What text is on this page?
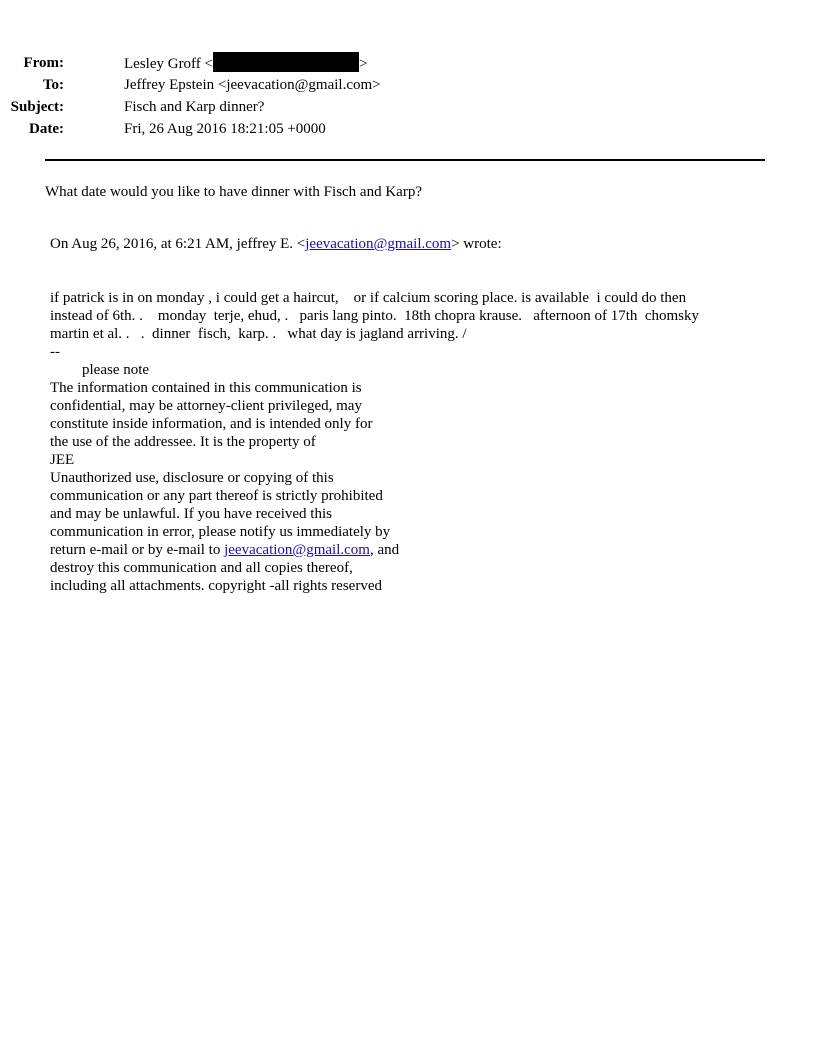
From:	Lesley Groff <	>
To:	Jeffrey Epstein <jeevacation@gmail.com>
Subject:	Fisch and Karp dinner?
Date:	Fri, 26 Aug 2016 18:21:05 +0000
What date would you like to have dinner with Fisch and Karp?
On Aug 26, 2016, at 6:21 AM, jeffrey E. <jeevacation@gmail.com> wrote:
if patrick is in on monday , i could get a haircut,    or if calcium scoring place. is available  i could do then
instead of 6th. .    monday  terje, ehud, .   paris lang pinto.  18th chopra krause.   afternoon of 17th  chomsky
martin et al. .   .  dinner  fisch,  karp. .   what day is jagland arriving. /
--
please note
The information contained in this communication is
confidential, may be attorney-client privileged, may
constitute inside information, and is intended only for
the use of the addressee. It is the property of
JEE
Unauthorized use, disclosure or copying of this
communication or any part thereof is strictly prohibited
and may be unlawful. If you have received this
communication in error, please notify us immediately by
return e-mail or by e-mail to jeevacation@gmail.com, and
destroy this communication and all copies thereof,
including all attachments. copyright -all rights reserved
